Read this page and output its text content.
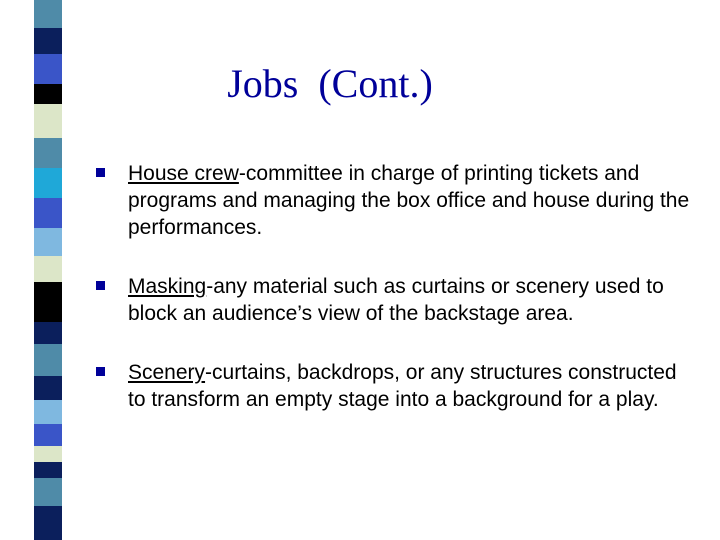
Jobs  (Cont.)
House crew-committee in charge of printing tickets and programs and managing the box office and house during the performances.
Masking-any material such as curtains or scenery used to block an audience’s view of the backstage area.
Scenery-curtains, backdrops, or any structures constructed to transform an empty stage into a background for a play.
